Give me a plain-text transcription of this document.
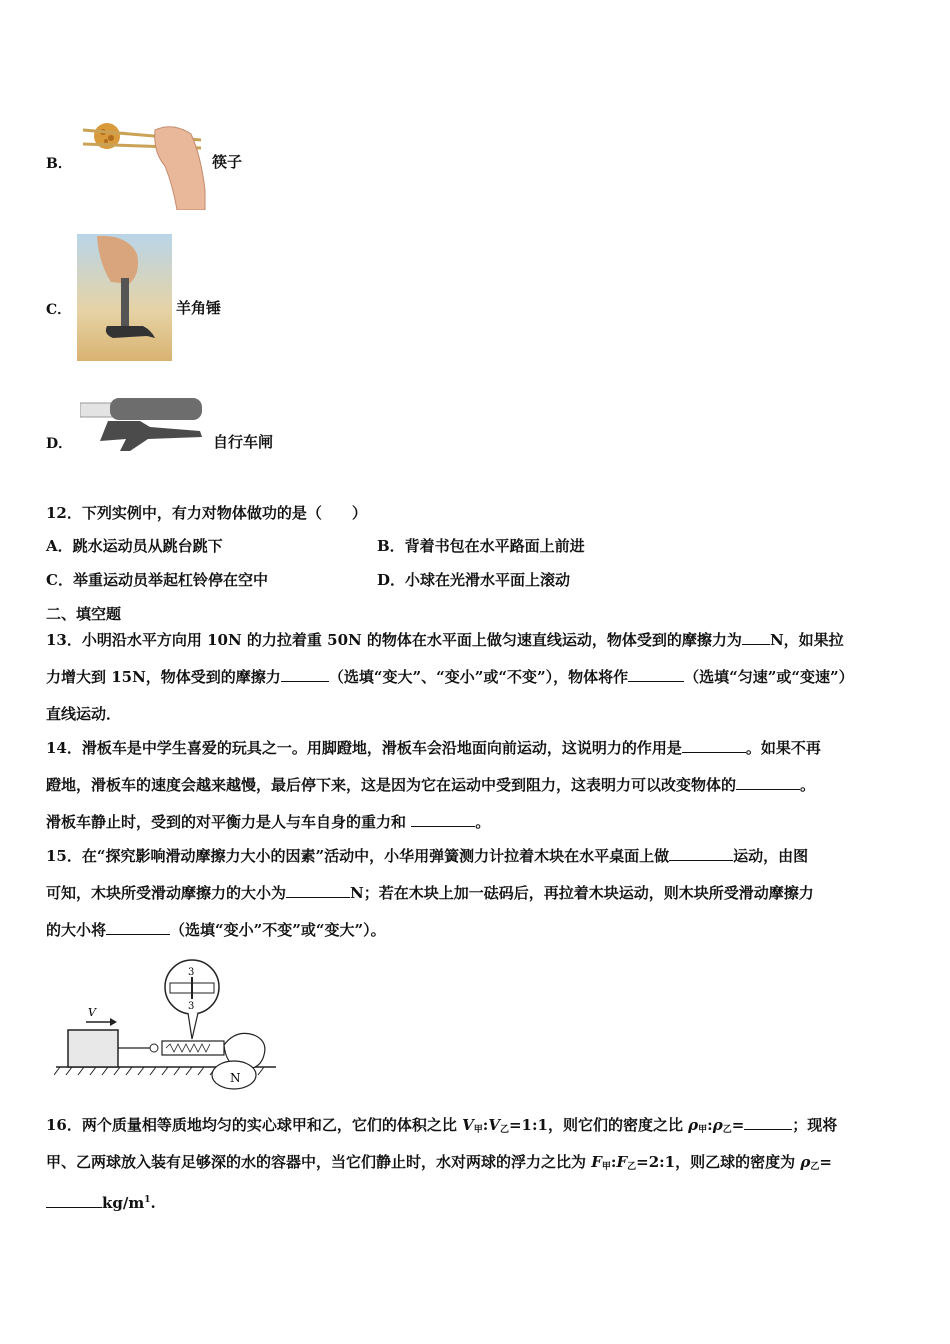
B．	筷子
C．	羊角锤
D．	自行车闸
12．下列实例中，有力对物体做功的是（　　）
A．跳水运动员从跳台跳下	B．背着书包在水平路面上前进
C．举重运动员举起杠铃停在空中	D．小球在光滑水平面上滚动
二、填空题
13．小明沿水平方向用 10N 的力拉着重 50N 的物体在水平面上做匀速直线运动，物体受到的摩擦力为 N，如果拉
力增大到 15N，物体受到的摩擦力	（选填“变大”、“变小”或“不变”），物体将作	（选填“匀速”或“变速”）
直线运动．
14．滑板车是中学生喜爱的玩具之一。用脚蹬地，滑板车会沿地面向前运动，这说明力的作用是	。如果不再
蹬地，滑板车的速度会越来越慢，最后停下来，这是因为它在运动中受到阻力，这表明力可以改变物体的	。
滑板车静止时，受到的对平衡力是人与车自身的重力和	。
15．在“探究影响滑动摩擦力大小的因素”活动中，小华用弹簧测力计拉着木块在水平桌面上做	运动，由图
可知，木块所受滑动摩擦力的大小为	N；若在木块上加一砝码后，再拉着木块运动，则木块所受滑动摩擦力
的大小将	（选填“变小”不变”或“变大”）。
V
3
3
N
16．两个质量相等质地均匀的实心球甲和乙，它们的体积之比 $V_甲:V_乙=1:1$，则它们的密度之比 $\rho_甲:\rho_乙=$	；现将
甲、乙两球放入装有足够深的水的容器中，当它们静止时，水对两球的浮力之比为 $F_甲:F_乙=2:1$，则乙球的密度为 $\rho_乙=$
$kg/m^1$.
